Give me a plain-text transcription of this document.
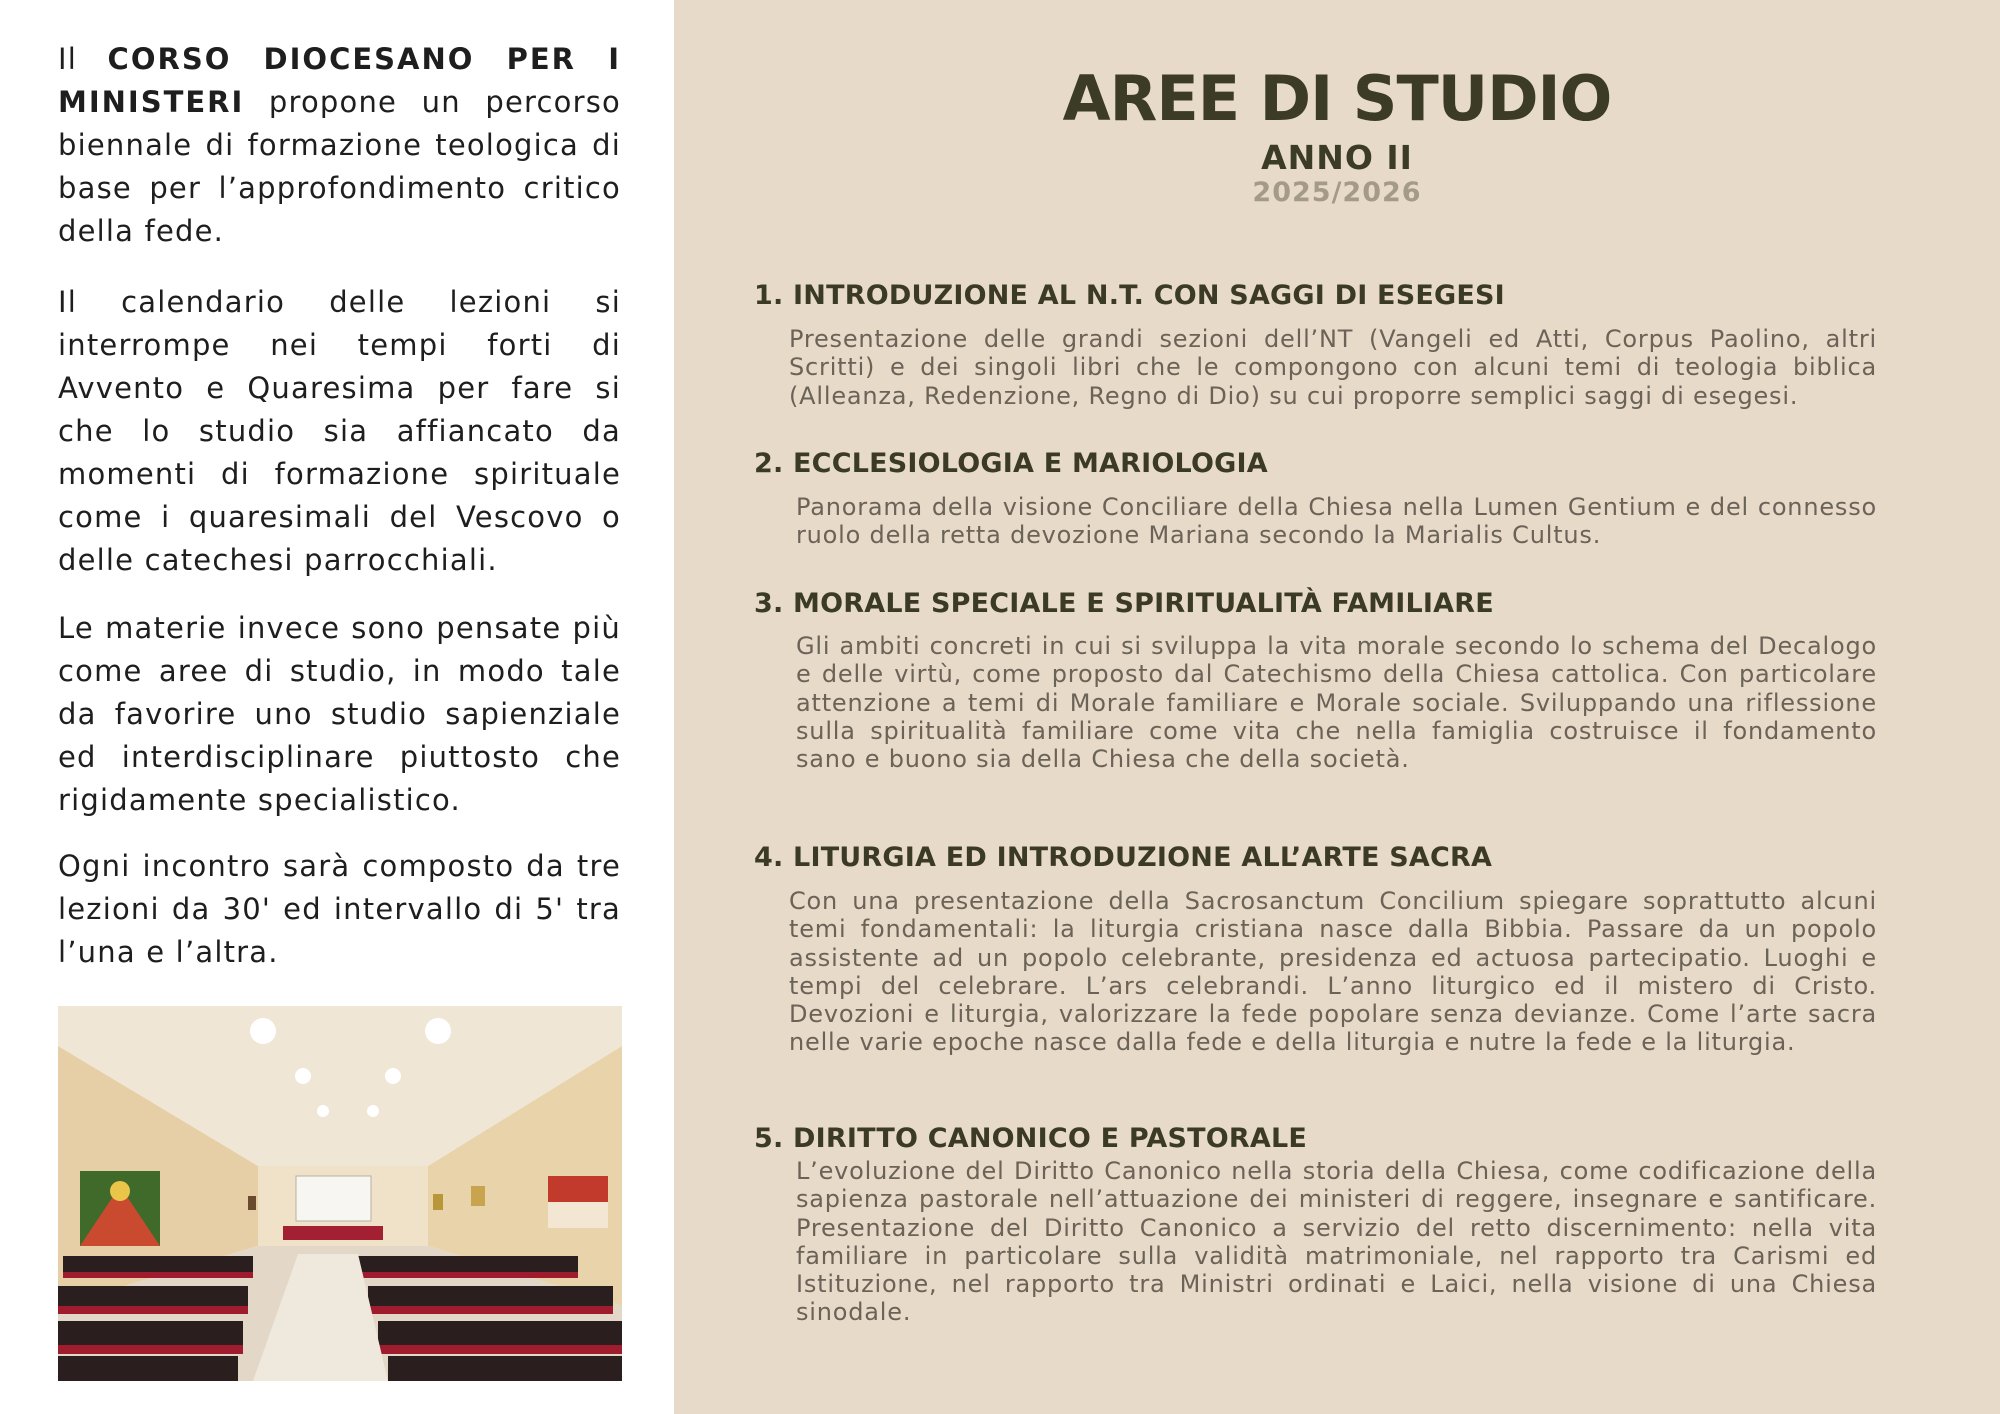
Il CORSO DIOCESANO PER I MINISTERI propone un percorso biennale di formazione teologica di base per l’approfondimento critico della fede.
Il calendario delle lezioni si interrompe nei tempi forti di Avvento e Quaresima per fare si che lo studio sia affiancato da momenti di formazione spirituale come i quaresimali del Vescovo o delle catechesi parrocchiali.
Le materie invece sono pensate più come aree di studio, in modo tale da favorire uno studio sapienziale ed interdisciplinare piuttosto che rigidamente specialistico.
Ogni incontro sarà composto da tre lezioni da 30' ed intervallo di 5' tra l’una e l’altra.
AREE DI STUDIO
ANNO II
2025/2026
1. INTRODUZIONE AL N.T. CON SAGGI DI ESEGESI
Presentazione delle grandi sezioni dell’NT (Vangeli ed Atti, Corpus Paolino, altri Scritti) e dei singoli libri che le compongono con alcuni temi di teologia biblica (Alleanza, Redenzione, Regno di Dio) su cui proporre semplici saggi di esegesi.
2. ECCLESIOLOGIA E MARIOLOGIA
Panorama della visione Conciliare della Chiesa nella Lumen Gentium e del connesso ruolo della retta devozione Mariana secondo la Marialis Cultus.
3. MORALE SPECIALE E SPIRITUALITÀ FAMILIARE
Gli ambiti concreti in cui si sviluppa la vita morale secondo lo schema del Decalogo e delle virtù, come proposto dal Catechismo della Chiesa cattolica. Con particolare attenzione a temi di Morale familiare e Morale sociale. Sviluppando una riflessione sulla spiritualità familiare come vita che nella famiglia costruisce il fondamento sano e buono sia della Chiesa che della società.
4. LITURGIA ED INTRODUZIONE ALL’ARTE SACRA
Con una presentazione della Sacrosanctum Concilium spiegare soprattutto alcuni temi fondamentali: la liturgia cristiana nasce dalla Bibbia. Passare da un popolo assistente ad un popolo celebrante, presidenza ed actuosa partecipatio. Luoghi e tempi del celebrare. L’ars celebrandi. L’anno liturgico ed il mistero di Cristo. Devozioni e liturgia, valorizzare la fede popolare senza devianze. Come l’arte sacra nelle varie epoche nasce dalla fede e della liturgia e nutre la fede e la liturgia.
5. DIRITTO CANONICO E PASTORALE
L’evoluzione del Diritto Canonico nella storia della Chiesa, come codificazione della sapienza pastorale nell’attuazione dei ministeri di reggere, insegnare e santificare. Presentazione del Diritto Canonico a servizio del retto discernimento: nella vita familiare in particolare sulla validità matrimoniale, nel rapporto tra Carismi ed Istituzione, nel rapporto tra Ministri ordinati e Laici, nella visione di una Chiesa sinodale.
